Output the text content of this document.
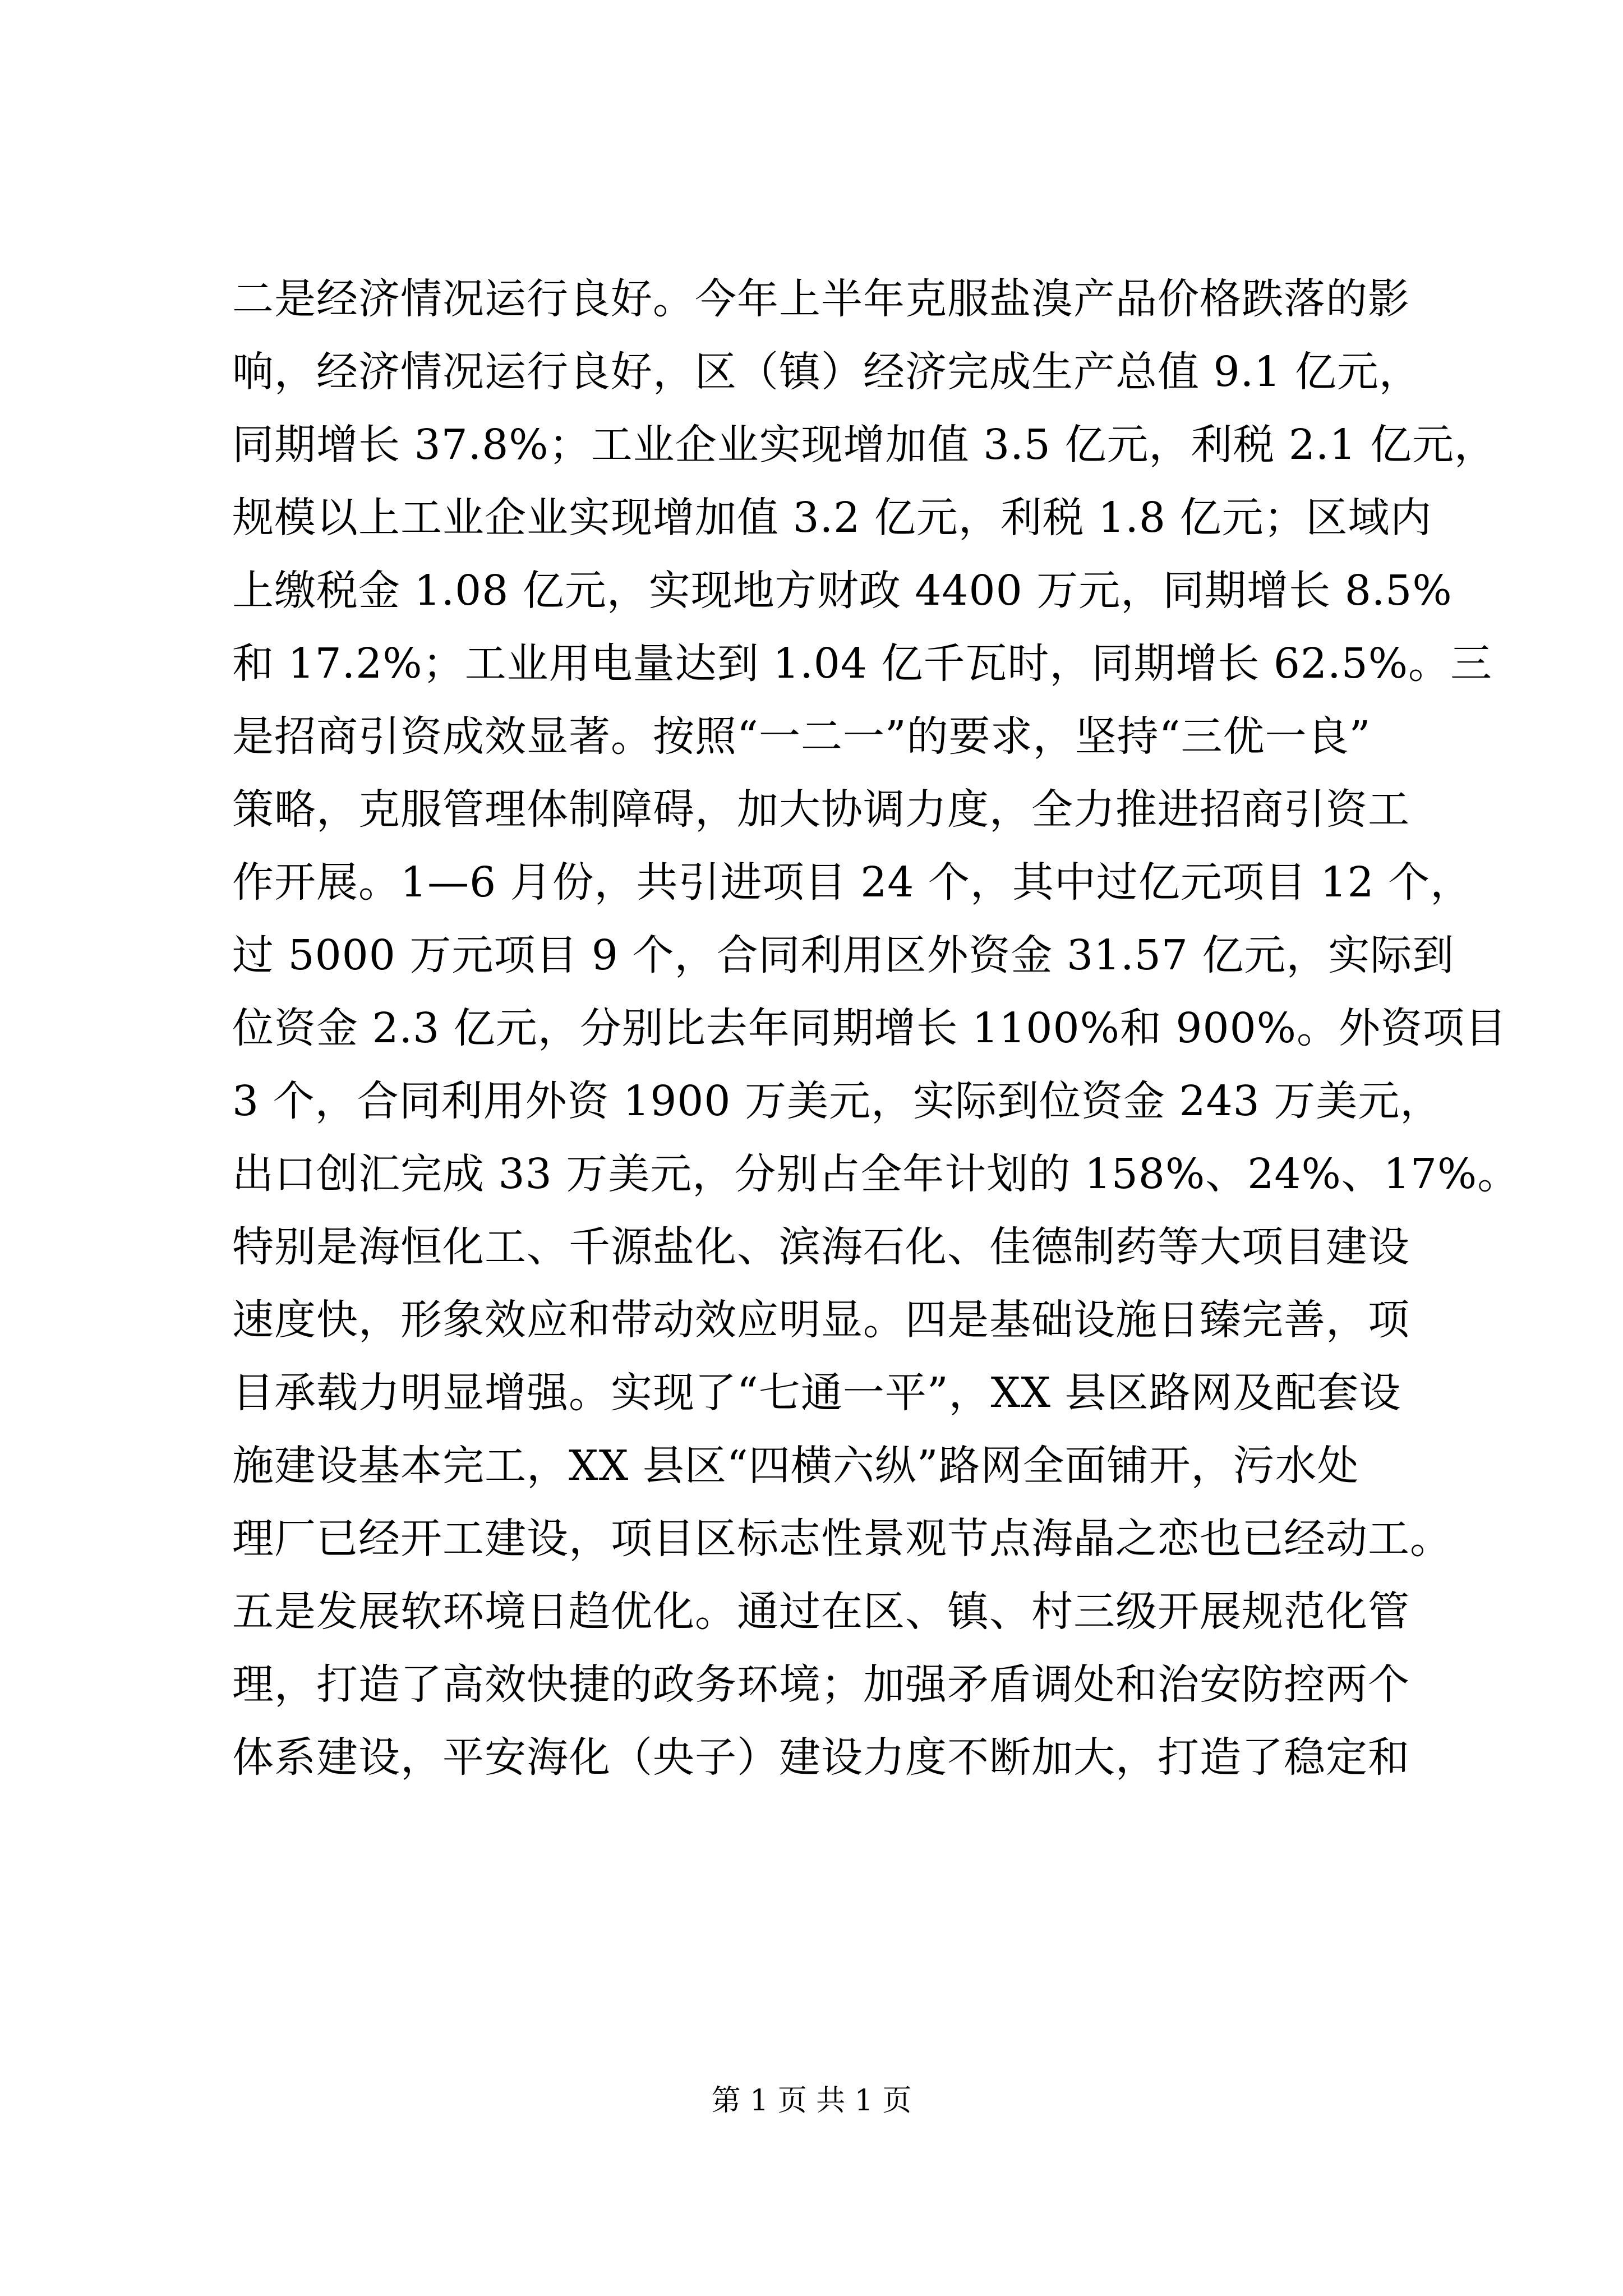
二是经济情况运行良好。今年上半年克服盐溴产品价格跌落的影
响，经济情况运行良好，区（镇）经济完成生产总值 9.1 亿元，
同期增长 37.8%；工业企业实现增加值 3.5 亿元，利税 2.1 亿元，
规模以上工业企业实现增加值 3.2 亿元，利税 1.8 亿元；区域内
上缴税金 1.08 亿元，实现地方财政 4400 万元，同期增长 8.5%
和 17.2%；工业用电量达到 1.04 亿千瓦时，同期增长 62.5%。三
是招商引资成效显著。按照“一二一”的要求，坚持“三优一良”
策略，克服管理体制障碍，加大协调力度，全力推进招商引资工
作开展。1—6 月份，共引进项目 24 个，其中过亿元项目 12 个，
过 5000 万元项目 9 个，合同利用区外资金 31.57 亿元，实际到
位资金 2.3 亿元，分别比去年同期增长 1100%和 900%。外资项目
3 个，合同利用外资 1900 万美元，实际到位资金 243 万美元，
出口创汇完成 33 万美元，分别占全年计划的 158%、24%、17%。
特别是海恒化工、千源盐化、滨海石化、佳德制药等大项目建设
速度快，形象效应和带动效应明显。四是基础设施日臻完善，项
目承载力明显增强。实现了“七通一平”，XX 县区路网及配套设
施建设基本完工，XX 县区“四横六纵”路网全面铺开，污水处
理厂已经开工建设，项目区标志性景观节点海晶之恋也已经动工。
五是发展软环境日趋优化。通过在区、镇、村三级开展规范化管
理，打造了高效快捷的政务环境；加强矛盾调处和治安防控两个
体系建设，平安海化（央子）建设力度不断加大，打造了稳定和
第 1 页 共 1 页
